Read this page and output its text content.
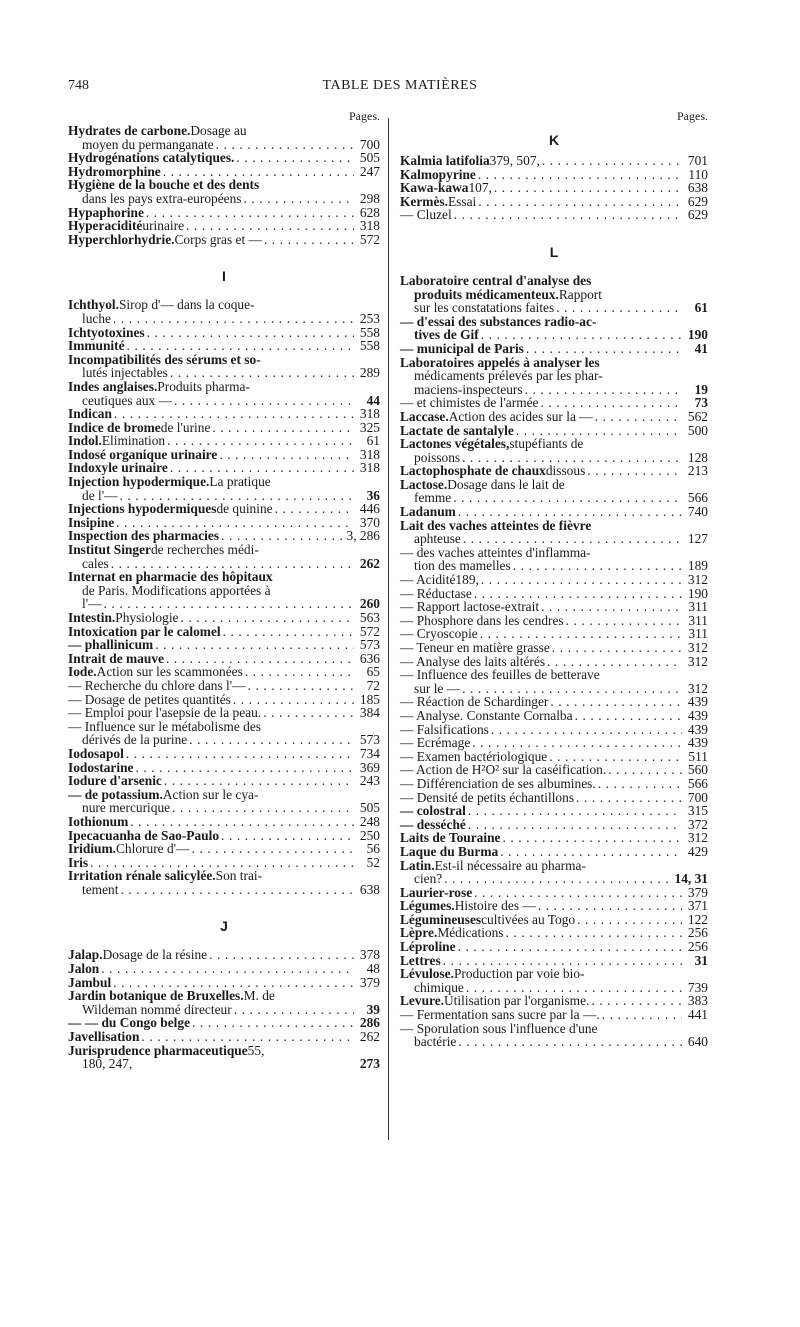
748	TABLE DES MATIÈRES
Pages.
Hydrates de carbone. Dosage au
moyen du permanganate . . .	700
Hydrogénations catalytiques. . . .	505
Hydromorphine . . .	247
Hygiène de la bouche et des dents
dans les pays extra-européens . . .	298
Hypaphorine . . .	628
Hyperacidité urinaire . . .	318
Hyperchlorhydrie. Corps gras et — . . .	572
I
Ichthyol. Sirop d'— dans la coque-
luche . . .	253
Ichtyotoxines . . .	558
Immunité . . .	558
Incompatibilités des sérums et so-
lutés injectables . . .	289
Indes anglaises. Produits pharma-
ceutiques aux — . . .	44
Indican . . .	318
Indice de brome de l'urine . . .	325
Indol. Elimination . . .	61
Indosé organique urinaire . . .	318
Indoxyle urinaire . . .	318
Injection hypodermique. La pratique
de l'— . . .	36
Injections hypodermiques de quinine . . .	446
Insipine . . .	370
Inspection des pharmacies . . .	3, 286
Institut Singer de recherches médi-
cales . . .	262
Internat en pharmacie des hôpitaux
de Paris. Modifications apportées à
l'— . . .	260
Intestin. Physiologie . . .	563
Intoxication par le calomel . . .	572
— phallinicum . . .	573
Intrait de mauve . . .	636
Iode. Action sur les scammonées . . .	65
— Recherche du chlore dans l'— . . .	72
— Dosage de petites quantités . . .	185
— Emploi pour l'asepsie de la peau. . . .	384
— Influence sur le métabolisme des
dérivés de la purine . . .	573
Iodosapol . . .	734
Iodostarine . . .	369
Iodure d'arsenic . . .	243
— de potassium. Action sur le cya-
nure mercurique . . .	505
Iothionum . . .	248
Ipecacuanha de Sao-Paulo . . .	250
Iridium. Chlorure d'— . . .	56
Iris . . .	52
Irritation rénale salicylée. Son trai-
tement . . .	638
J
Jalap. Dosage de la résine . . .	378
Jalon . . .	48
Jambul . . .	379
Jardin botanique de Bruxelles. M. de
Wildeman nommé directeur . . .	39
— — du Congo belge . . .	286
Javellisation . . .	262
Jurisprudence pharmaceutique 55,
180, 247,	273
Pages.
K
Kalmia latifolia 379, 507, . . .	701
Kalmopyrine . . .	110
Kawa-kawa 107, . . .	638
Kermès. Essai . . .	629
— Cluzel . . .	629
L
Laboratoire central d'analyse des
produits médicamenteux. Rapport
sur les constatations faites . . .	61
— d'essai des substances radio-ac-
tives de Gif . . .	190
— municipal de Paris . . .	41
Laboratoires appelés à analyser les
médicaments prélevés par les phar-
maciens-inspecteurs . . .	19
— et chimistes de l'armée . . .	73
Laccase. Action des acides sur la — . . .	562
Lactate de santalyle . . .	500
Lactones végétales, stupéfiants de
poissons . . .	128
Lactophosphate de chaux dissous . . .	213
Lactose. Dosage dans le lait de
femme . . .	566
Ladanum . . .	740
Lait des vaches atteintes de fièvre
aphteuse . . .	127
— des vaches atteintes d'inflamma-
tion des mamelles . . .	189
— Acidité 189, . . .	312
— Réductase . . .	190
— Rapport lactose-extrait . . .	311
— Phosphore dans les cendres . . .	311
— Cryoscopie . . .	311
— Teneur en matière grasse . . .	312
— Analyse des laits altérés . . .	312
— Influence des feuilles de betterave
sur le — . . .	312
— Réaction de Schardinger . . .	439
— Analyse. Constante Cornalba . . .	439
— Falsifications . . .	439
— Ecrémage . . .	439
— Examen bactériologique . . .	511
— Action de H²O² sur la caséification. . . .	560
— Différenciation de ses albumines. . . .	566
— Densité de petits échantillons . . .	700
— colostral . . .	315
— desséché . . .	372
Laits de Touraine . . .	312
Laque du Burma . . .	429
Latin. Est-il nécessaire au pharma-
cien? . . .	14, 31
Laurier-rose . . .	379
Légumes. Histoire des — . . .	371
Légumineuses cultivées au Togo . . .	122
Lèpre. Médications . . .	256
Léproline . . .	256
Lettres . . .	31
Lévulose. Production par voie bio-
chimique . . .	739
Levure. Utilisation par l'organisme. . . .	383
— Fermentation sans sucre par la —. . . .	441
— Sporulation sous l'influence d'une
bactérie . . .	640
